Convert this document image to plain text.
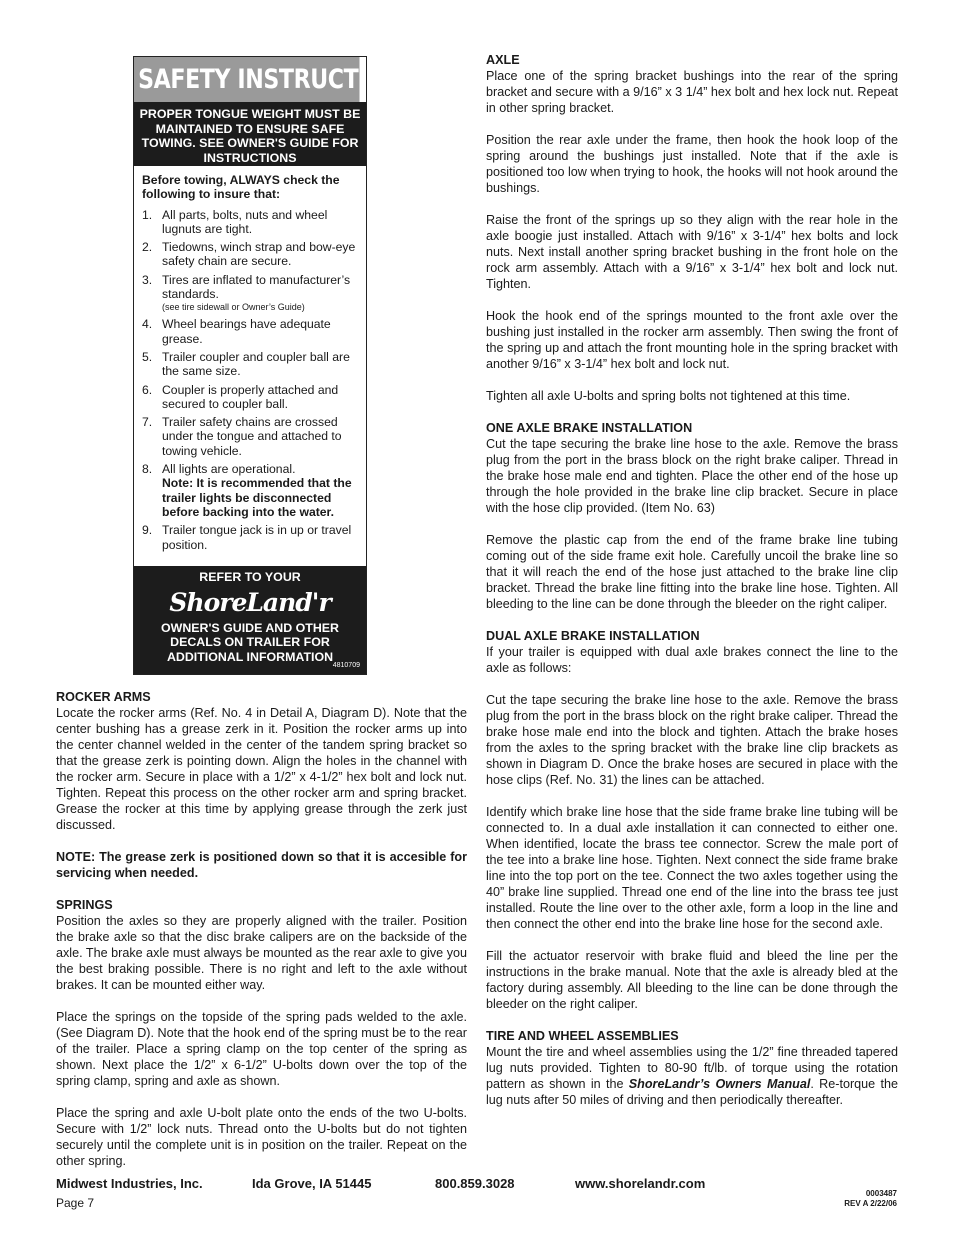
SAFETY INSTRUCTIONS
PROPER TONGUE WEIGHT MUST BE MAINTAINED TO ENSURE SAFE TOWING. SEE OWNER'S GUIDE FOR INSTRUCTIONS
Before towing, ALWAYS check the following to insure that:
1. All parts, bolts, nuts and wheel lugnuts are tight.
2. Tiedowns, winch strap and bow-eye safety chain are secure.
3. Tires are inflated to manufacturer’s standards.
(see tire sidewall or Owner’s Guide)
4. Wheel bearings have adequate grease.
5. Trailer coupler and coupler ball are the same size.
6. Coupler is properly attached and secured to coupler ball.
7. Trailer safety chains are crossed under the tongue and attached to towing vehicle.
8. All lights are operational.
Note: It is recommended that the trailer lights be disconnected before backing into the water.
9. Trailer tongue jack is in up or travel position.
REFER TO YOUR
ShoreLand'r
OWNER'S GUIDE AND OTHER DECALS ON TRAILER FOR ADDITIONAL INFORMATION
4810709
ROCKER ARMS

Locate the rocker arms (Ref. No. 4 in Detail A, Diagram D). Note that the center bushing has a grease zerk in it. Position the rocker arms up into the center channel welded in the center of the tandem spring bracket so that the grease zerk is pointing down. Align the holes in the channel with the rocker arm. Secure in place with a 1/2” x 4-1/2” hex bolt and lock nut. Tighten. Repeat this process on the other rocker arm and spring bracket. Grease the rocker at this time by applying grease through the zerk just discussed.

NOTE: The grease zerk is positioned down so that it is accesible for servicing when needed.

SPRINGS

Position the axles so they are properly aligned with the trailer. Position the brake axle so that the disc brake calipers are on the backside of the axle. The brake axle must always be mounted as the rear axle to give you the best braking possible. There is no right and left to the axle without brakes. It can be mounted either way.

Place the springs on the topside of the spring pads welded to the axle. (See Diagram D). Note that the hook end of the spring must be to the rear of the trailer. Place a spring clamp on the top center of the spring as shown. Next place the 1/2” x 6-1/2” U-bolts down over the top of the spring clamp, spring and axle as shown.

Place the spring and axle U-bolt plate onto the ends of the two U-bolts. Secure with 1/2” lock nuts. Thread onto the U-bolts but do not tighten securely until the complete unit is in position on the trailer. Repeat on the other spring.

AXLE

Place one of the spring bracket bushings into the rear of the spring bracket and secure with a 9/16” x 3 1/4” hex bolt and hex lock nut. Repeat in other spring bracket.

Position the rear axle under the frame, then hook the hook loop of the spring around the bushings just installed. Note that if the axle is positioned too low when trying to hook, the hooks will not hook around the bushings.

Raise the front of the springs up so they align with the rear hole in the axle boogie just installed. Attach with 9/16” x 3-1/4” hex bolts and lock nuts. Next install another spring bracket bushing in the front hole on the rock arm assembly. Attach with a 9/16” x 3-1/4” hex bolt and lock nut. Tighten.

Hook the hook end of the springs mounted to the front axle over the bushing just installed in the rocker arm assembly. Then swing the front of the spring up and attach the front mounting hole in the spring bracket with another 9/16” x 3-1/4” hex bolt and lock nut.

Tighten all axle U-bolts and spring bolts not tightened at this time.

ONE AXLE BRAKE INSTALLATION

Cut the tape securing the brake line hose to the axle. Remove the brass plug from the port in the brass block on the right brake caliper. Thread in the brake hose male end and tighten. Place the other end of the hose up through the hole provided in the brake line clip bracket. Secure in place with the hose clip provided. (Item No. 63)

Remove the plastic cap from the end of the frame brake line tubing coming out of the side frame exit hole. Carefully uncoil the brake line so that it will reach the end of the hose just attached to the brake line clip bracket. Thread the brake line fitting into the brake line hose. Tighten. All bleeding to the line can be done through the bleeder on the right caliper.

DUAL AXLE BRAKE INSTALLATION

If your trailer is equipped with dual axle brakes connect the line to the axle as follows:

Cut the tape securing the brake line hose to the axle. Remove the brass plug from the port in the brass block on the right brake caliper. Thread the brake hose male end into the block and tighten. Attach the brake hoses from the axles to the spring bracket with the brake line clip brackets as shown in Diagram D. Once the brake hoses are secured in place with the hose clips (Ref. No. 31) the lines can be attached.

Identify which brake line hose that the side frame brake line tubing will be connected to. In a dual axle installation it can connected to either one. When identified, locate the brass tee connector. Screw the male port of the tee into a brake line hose. Tighten. Next connect the side frame brake line into the top port on the tee. Connect the two axles together using the 40” brake line supplied. Thread one end of the line into the brass tee just installed. Route the line over to the other axle, form a loop in the line and then connect the other end into the brake line hose for the second axle.

Fill the actuator reservoir with brake fluid and bleed the line per the instructions in the brake manual. Note that the axle is already bled at the factory during assembly. All bleeding to the line can be done through the bleeder on the right caliper.

TIRE AND WHEEL ASSEMBLIES

Mount the tire and wheel assemblies using the 1/2” fine threaded tapered lug nuts provided. Tighten to 80-90 ft/lb. of torque using the rotation pattern as shown in the ShoreLandr’s Owners Manual. Re-torque the lug nuts after 50 miles of driving and then periodically thereafter.

Midwest Industries, Inc.	Ida Grove, IA 51445	800.859.3028	www.shorelandr.com
Page 7
0003487
REV A 2/22/06
